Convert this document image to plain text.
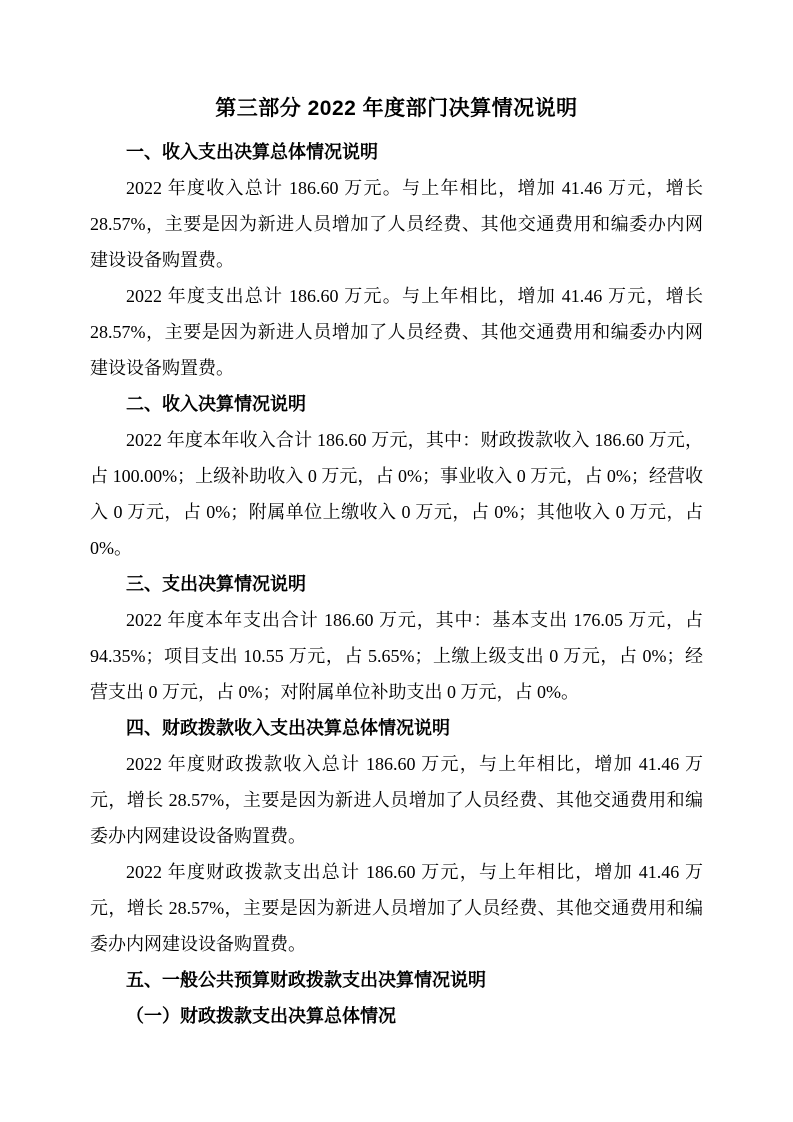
第三部分 2022 年度部门决算情况说明

一、收入支出决算总体情况说明

2022 年度收入总计 186.60 万元。与上年相比，增加 41.46 万元，增长 28.57%，主要是因为新进人员增加了人员经费、其他交通费用和编委办内网建设设备购置费。

2022 年度支出总计 186.60 万元。与上年相比，增加 41.46 万元，增长 28.57%，主要是因为新进人员增加了人员经费、其他交通费用和编委办内网建设设备购置费。

二、收入决算情况说明

2022 年度本年收入合计 186.60 万元，其中：财政拨款收入 186.60 万元，占 100.00%；上级补助收入 0 万元，占 0%；事业收入 0 万元，占 0%；经营收入 0 万元，占 0%；附属单位上缴收入 0 万元，占 0%；其他收入 0 万元，占 0%。

三、支出决算情况说明

2022 年度本年支出合计 186.60 万元，其中：基本支出 176.05 万元，占 94.35%；项目支出 10.55 万元，占 5.65%；上缴上级支出 0 万元，占 0%；经营支出 0 万元，占 0%；对附属单位补助支出 0 万元，占 0%。

四、财政拨款收入支出决算总体情况说明

2022 年度财政拨款收入总计 186.60 万元，与上年相比，增加 41.46 万元，增长 28.57%，主要是因为新进人员增加了人员经费、其他交通费用和编委办内网建设设备购置费。

2022 年度财政拨款支出总计 186.60 万元，与上年相比，增加 41.46 万元，增长 28.57%，主要是因为新进人员增加了人员经费、其他交通费用和编委办内网建设设备购置费。

五、一般公共预算财政拨款支出决算情况说明

（一）财政拨款支出决算总体情况
